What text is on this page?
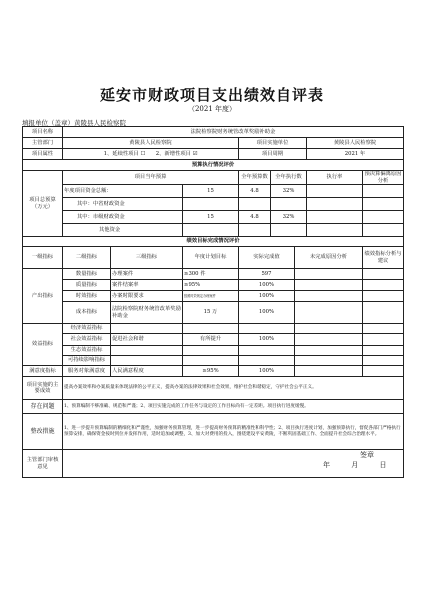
延安市财政项目支出绩效自评表
（2021 年度）
填报单位（盖章）黄陵县人民检察院
项目名称	法院检察院财务统管改革奖励补助金							
主管部门	黄陵县人民检察院			项目实施单位			黄陵县人民检察院	
项目属性	1、延续性项目 ☐　　2、新增性项目 ☑			项目周期			2021 年	
预算执行情况评价								
项目总预算（万元）	项目当年预算			全年预算数	全年执行数		执行率	预决算偏离原因分析
	年度项目资金总额：		15	4.8	32%			
	其中：中省财政资金							
	其中：市级财政资金		15	4.8	32%			
	其他资金							
绩效目标完成情况评价								
一级指标	二级指标	三级指标	年度计划目标	实际完成值		未完成原因分析		绩效指标分析与建议
产出指标	数量指标	办理案件	≥300 件	597				
	质量指标	案件结案率	≥95%	100%				
	时效指标	办案时限要求	按照时效规定办理案件	100%				
	成本指标	法院检察院财务统管改革奖励补助金	15 万	100%				
效益指标	经济效益指标							
	社会效益指标	促进社会和谐	有所提升	100%				
	生态效益指标							
	可持续影响指标							
满意度指标	服务对象满意度	人民满意程度	≥95%	100%				
项目实施的主要成效	提高办案效率和办案质量来体现法律的公平正义，提高办案的法律效果和社会效果，维护社会和谐稳定，守护社会公平正义。							
存在问题	1、预算编制不够准确、规范和严谨；2、项目实施完成的工作任务与设定的工作目标尚有一定差距。项目执行进度缓慢。							
整改措施	1、进一步提升预算编制的精细化和严谨性，加强财务预算管理，进一步提高财务预算的精准性和科学性；2、项目执行进度计划，加强预算执行，督促各部门严格执行预算安排，确保资金按时到位并发挥作用，适时追加或调整，3、加大对费用的投入，围绕建设平安黄陵，不断巩固基础工作、全面提升社会综合治理水平。							
主管部门审核意见	签章
年 月 日							
